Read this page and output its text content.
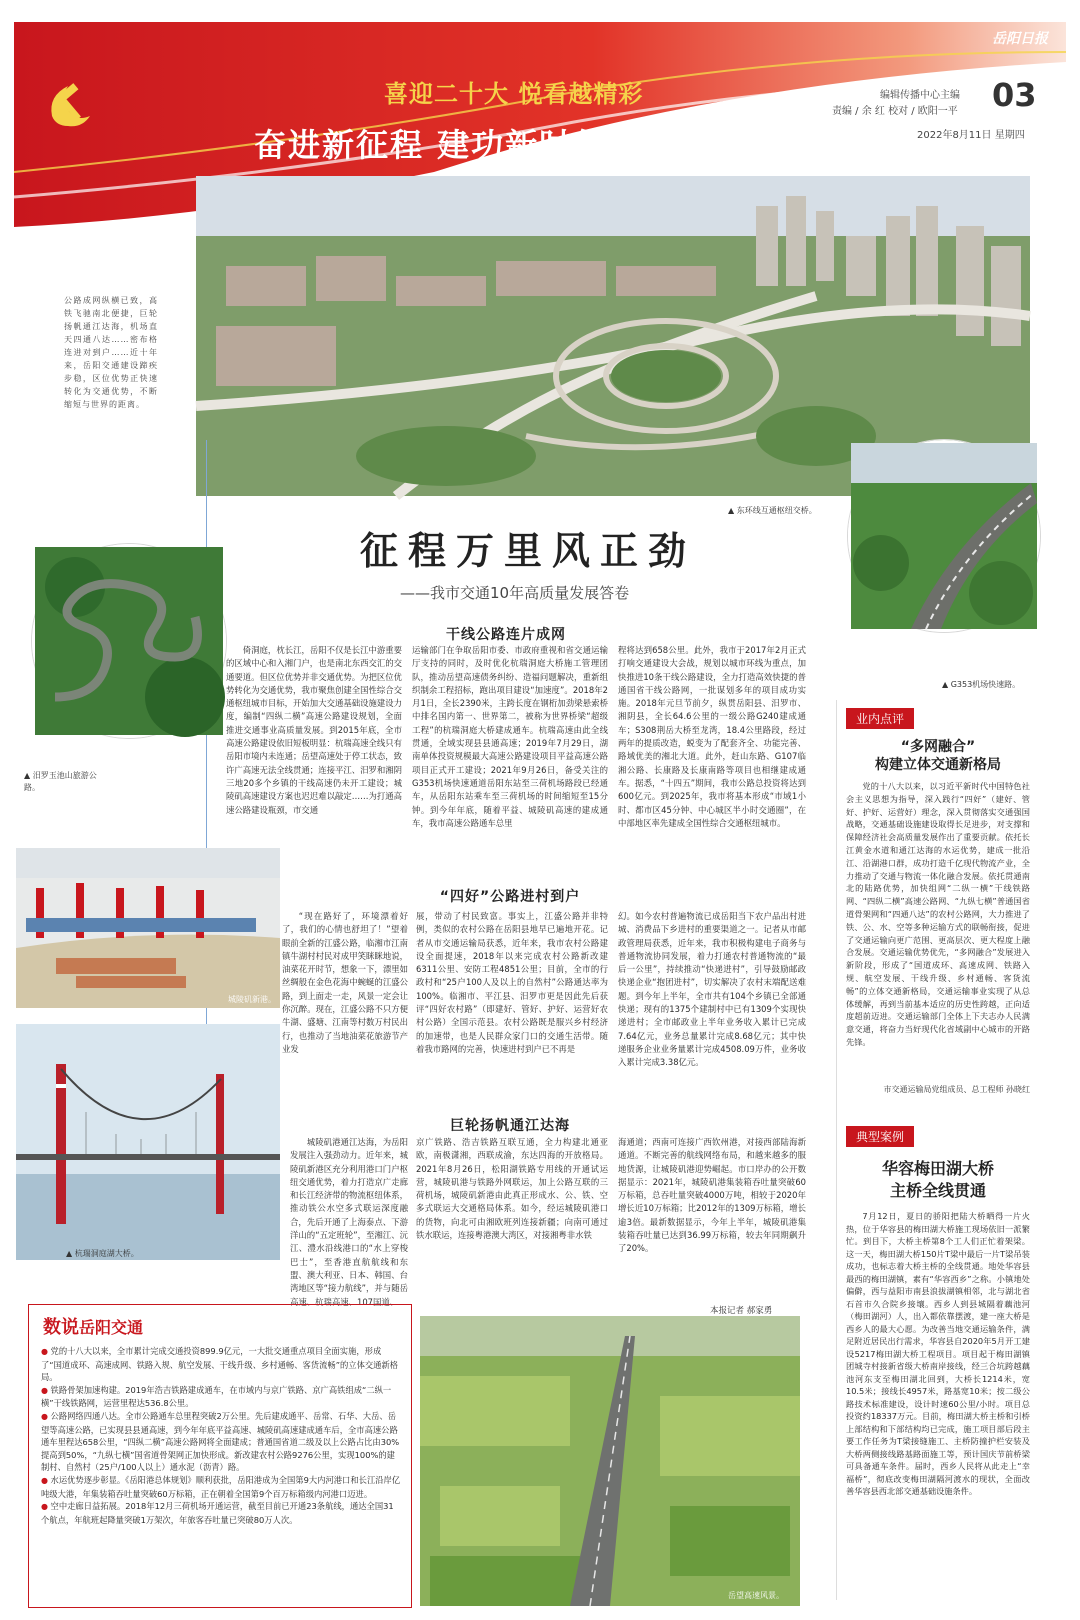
岳阳日报
喜迎二十大 悦看越精彩
奋进新征程 建功新时代 · 非凡十年
编辑传播中心主编 03
责编 / 余 红 校对 / 欧阳一平
2022年8月11日 星期四
▲ 东环线互通枢纽交桥。
公路成网纵横已致，高铁飞驰南北便捷，巨轮扬帆通江达海，机场直天四通八达……密布格连进对到户……近十年来，岳阳交通建设蹄疾步稳，区位优势正快速转化为交通优势，不断缩短与世界的距离。
征程万里风正劲
——我市交通10年高质量发展答卷
▲ 汨罗玉池山旅游公路。
▲ G353机场快速路。
干线公路连片成网

倚洞庭，枕长江，岳阳不仅是长江中游重要的区域中心和入湘门户，也是南北东西交汇的交通要道。但区位优势并非交通优势。为把区位优势转化为交通优势，我市聚焦创建全国性综合交通枢纽城市目标，开始加大交通基础设施建设力度，编制“四纵二横”高速公路建设规划，全面推进交通事业高质量发展。到2015年底，全市高速公路建设依旧短板明显：杭瑞高速全线只有岳阳市境内未连通；岳望高速处于停工状态，致许广高速无法全线贯通；连接平江、汨罗和湘阴三地20多个乡镇的干线高速仍未开工建设；城陵矶高速建设方案也迟迟难以敲定……为打通高速公路建设瓶颈，市交通

运输部门在争取岳阳市委、市政府重视和省交通运输厅支持的同时，及时优化杭瑞洞庭大桥施工管理团队，推动岳望高速债务纠纷、造福问题解决，重新组织制余工程招标，跑出项目建设“加速度”。2018年2月1日，全长2390米，主跨长度在钢桁加劲梁悬索桥中排名国内第一、世界第二，被称为世界桥梁“超级工程”的杭瑞洞庭大桥建成通车。杭瑞高速由此全线贯通，全域实现县县通高速；2019年7月29日，湖南单体投资规模最大高速公路建设项目平益高速公路项目正式开工建设；2021年9月26日，备受关注的G353机场快速通道岳阳东站至三荷机场路段已经通车，从岳阳东站乘车至三荷机场的时间缩短至15分钟。到今年年底，随着平益、城陵矶高速的建成通车，我市高速公路通车总里

程将达到658公里。此外，我市于2017年2月正式打响交通建设大会战，规划以城市环线为重点，加快推进10条干线公路建设，全力打造高效快捷的普通国省干线公路网，一批谋划多年的项目成功实施。2018年元旦节前夕，纵贯岳阳县、汨罗市、湘阴县，全长64.6公里的一级公路G240建成通车；S308荆岳大桥至龙湾，18.4公里路段，经过两年的提质改造，蜕变为了配套齐全、功能完善、路域优美的湘北大道。此外，赶山东路、G107临湘公路、长康路及长康南路等项目也相继建成通车。据悉，“十四五”期间，我市公路总投资将达到600亿元。到2025年，我市将基本形成“市域1小时、都市区45分钟、中心城区半小时交通圈”，在中部地区率先建成全国性综合交通枢纽城市。

城陵矶新港。
▲ 杭瑞洞庭湖大桥。
“四好”公路进村到户

“现在路好了，环境漂着好了，我们的心情也舒坦了！”望着眼前全新的江盛公路，临湘市江南镇牛湖村村民对成甲笑眯眯地说，油菜花开时节，想象一下，漂里如丝绸般在金色花海中蜿蜒的江盛公路，到上面走一走，风景一定会让你沉醉。现在，江盛公路不只方便牛湖、盛塘、江南等村数万村民出行，也推动了当地油菜花旅游节产业发

展，带动了村民致富。事实上，江盛公路并非特例，类似的农村公路在岳阳县地早已遍地开花。记者从市交通运输局获悉，近年来，我市农村公路建设全面提速，2018年以来完成农村公路新改建6311公里、安防工程4851公里；目前，全市的行政村和“25户100人及以上的自然村”公路通达率为100%。临湘市、平江县、汨罗市更是因此先后获评“四好农村路”（即建好、管好、护好、运营好农村公路）全国示范县。农村公路既是服兴乡村经济的加速带，也是人民群众家门口的交通生活带。随着我市路网的完善，快速进村到户已不再是

幻。如今农村普遍物流已成岳阳当下农户品出村进城、消费品下乡进村的重要渠道之一。记者从市邮政管理局获悉，近年来，我市积极构建电子商务与普通物流协同发展，着力打通农村普通物流的“最后一公里”，持续推动“快递进村”，引导鼓励邮政快递企业“抱团进村”，切实解决了农村末端配送难题。到今年上半年，全市共有104个乡镇已全部通快递；现有的1375个建制村中已有1309个实现快递进村；全市邮政业上半年业务收入累计已完成7.64亿元，业务总量累计完成8.68亿元；其中快递服务企业业务量累计完成4508.09万件，业务收入累计完成3.38亿元。

巨轮扬帆通江达海

城陵矶港通江达海，为岳阳发展注入强劲动力。近年来，城陵矶新港区充分利用港口门户枢纽交通优势，着力打造京广走廊和长江经济带的物流枢纽体系，推动铁公水空多式联运深度融合，先后开通了上海泰点、下游洋山的“五定班轮”，至湘江、沅江、澧水沿线港口的“水上穿梭巴士”，至香港直航航线和东盟、澳大利亚、日本、韩国、台湾地区等“接力航线”，并与随岳高速、杭瑞高速、107国道、

京广铁路、浩吉铁路互联互通，全力构建北通亚欧，南极潇湘，西联成渝，东达四海的开放格局。2021年8月26日，松阳湖铁路专用线的开通试运营，城陵矶港与铁路外网联运，加上公路互联的三荷机场，城陵矶新港由此真正形成水、公、铁、空多式联运大交通格局体系。如今，经运城陵矶港口的货物，向北可由湘欧班列连接新疆；向南可通过铁水联运，连接粤港澳大湾区，对接湘粤非水铁

海通道；西南可连接广西钦州港，对接西部陆海新通道。不断完善的航线网络布局，和越来越多的服地货源，让城陵矶港迎势崛起。市口岸办的公开数据显示：2021年，城陵矶港集装箱吞吐量突破60万标箱，总吞吐量突破4000万吨，相较于2020年增长近10万标箱；比2012年的1309万标箱，增长逾3倍。最新数据显示，今年上半年，城陵矶港集装箱吞吐量已达到36.99万标箱，较去年同期飙升了20%。

本报记者 郝家勇
业内点评
“多网融合”
构建立体交通新格局

党的十八大以来，以习近平新时代中国特色社会主义思想为指导，深入践行“四好”（建好、管好、护好、运营好）理念，深入贯彻落实交通强国战略，交通基础设施建设取得长足进步，对支撑和保障经济社会高质量发展作出了重要贡献。依托长江黄金水道和通江达海的水运优势，建成一批沿江、沿湖港口群，成功打造千亿现代物流产业，全力推动了交通与物流一体化融合发展。依托贯通南北的陆路优势，加快组网“二纵一横”干线铁路网、“四纵二横”高速公路网、“九纵七横”普通国省道骨架网和“四通八达”的农村公路网，大力推进了铁、公、水、空等多种运输方式的联畅衔接，促进了交通运输向更广范围、更高层次、更大程度上融合发展。交通运输优势优先，“多网融合”发展进入新阶段，形成了“国道成环、高速成网、铁路入规、航空发展、干线升级、乡村通畅、客货流畅”的立体交通新格局，交通运输事业实现了从总体缓解，再到当前基本适应的历史性跨越，正向适度超前迈进。交通运输部门全体上下夫志办人民满意交通，将奋力当好现代化省域副中心城市的开路先锋。

市交通运输局党组成员、总工程师 孙晓红
典型案例
华容梅田湖大桥
主桥全线贯通

7月12日，夏日的骄阳把陆大桥晒得一片火热，位于华容县的梅田湖大桥施工现场依旧一派繁忙。到目下，大桥主桥第8个工人们正忙着架梁。这一天，梅田湖大桥150片T梁中最后一片T梁吊装成功，也标志着大桥主桥的全线贯通。地处华容县最西的梅田湖镇，素有“华容西乡”之称。小镇地处偏僻，西与益阳市南县浪拔湖镇相邻，北与湖北省石首市久合院乡接壤。西乡人到县城隔着藕池河（梅田湖河）人，出入都依靠摆渡，建一座大桥是西乡人的最大心愿。为改善当地交通运输条件，满足附近居民出行需求，华容县自2020年5月开工建设5217梅田湖大桥工程项目。项目起于梅田湖镇团城寺村接新省级大桥南岸接线，经三合坑跨越藕池河东支至梅田湖北回到，大桥长1214米，宽10.5米；接线长4957米，路基宽10米；按二级公路技术标准建设，设计时速60公里/小时。项目总投资约18337万元。目前，梅田湖大桥主桥和引桥上部结构和下部结构均已完成，施工项目部后段主要工作任务为T梁接缝施工、主桥防撞护栏安装及大桥两侧接线路基路面施工等，预计国庆节前桥梁可具备通车条件。届时，西乡人民将从此走上“幸福桥”，彻底改变梅田湖隔河渡水的现状，全面改善华容县西北部交通基础设施条件。

数说岳阳交通
● 党的十八大以来，全市累计完成交通投资899.9亿元，一大批交通重点项目全面实施，形成了“国道成环、高速成网、铁路入规、航空发展、干线升级、乡村通畅、客货流畅”的立体交通新格局。
● 铁路骨架加速构建。2019年浩吉铁路建成通车，在市域内与京广铁路、京广高铁组成“二纵一横”干线铁路网，运营里程达536.8公里。
● 公路网络四通八达。全市公路通车总里程突破2万公里。先后建成通平、岳常、石华、大岳、岳望等高速公路，已实现县县通高速，到今年年底平益高速、城陵矶高速建成通车后，全市高速公路通车里程达658公里，“四纵二横”高速公路网将全面建成；普通国省道二级及以上公路占比由30%提高到50%，“九纵七横”国省道骨架网正加快形成。新改建农村公路9276公里，实现100%的建制村、自然村（25户/100人以上）通水泥（沥青）路。
● 水运优势逐步彰显。《岳阳港总体规划》顺利获批，岳阳港成为全国第9大内河港口和长江沿岸亿吨级大港，年集装箱吞吐量突破60万标箱，正在朝着全国第9个百万标箱级内河港口迈进。
● 空中走廊日益拓展。2018年12月三荷机场开通运营，截至目前已开通23条航线，通达全国31个航点，年航班起降量突破1万架次，年旅客吞吐量已突破80万人次。
岳望高速风景。
